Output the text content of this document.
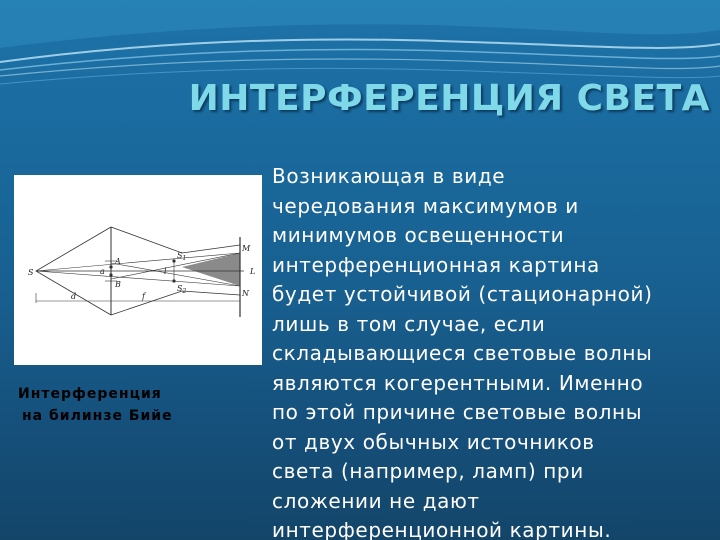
ИНТЕРФЕРЕНЦИЯ СВЕТА
S
A
B
a	l
d	f
$S_1$
$S_2$
M
N
L
Интерференция
на билинзе Бийе
Возникающая в виде
чередования максимумов и
минимумов освещенности
интерференционная картина
будет устойчивой (стационарной)
лишь в том случае, если
складывающиеся световые волны
являются когерентными. Именно
по этой причине световые волны
от двух обычных источников
света (например, ламп) при
сложении не дают
интерференционной картины.
